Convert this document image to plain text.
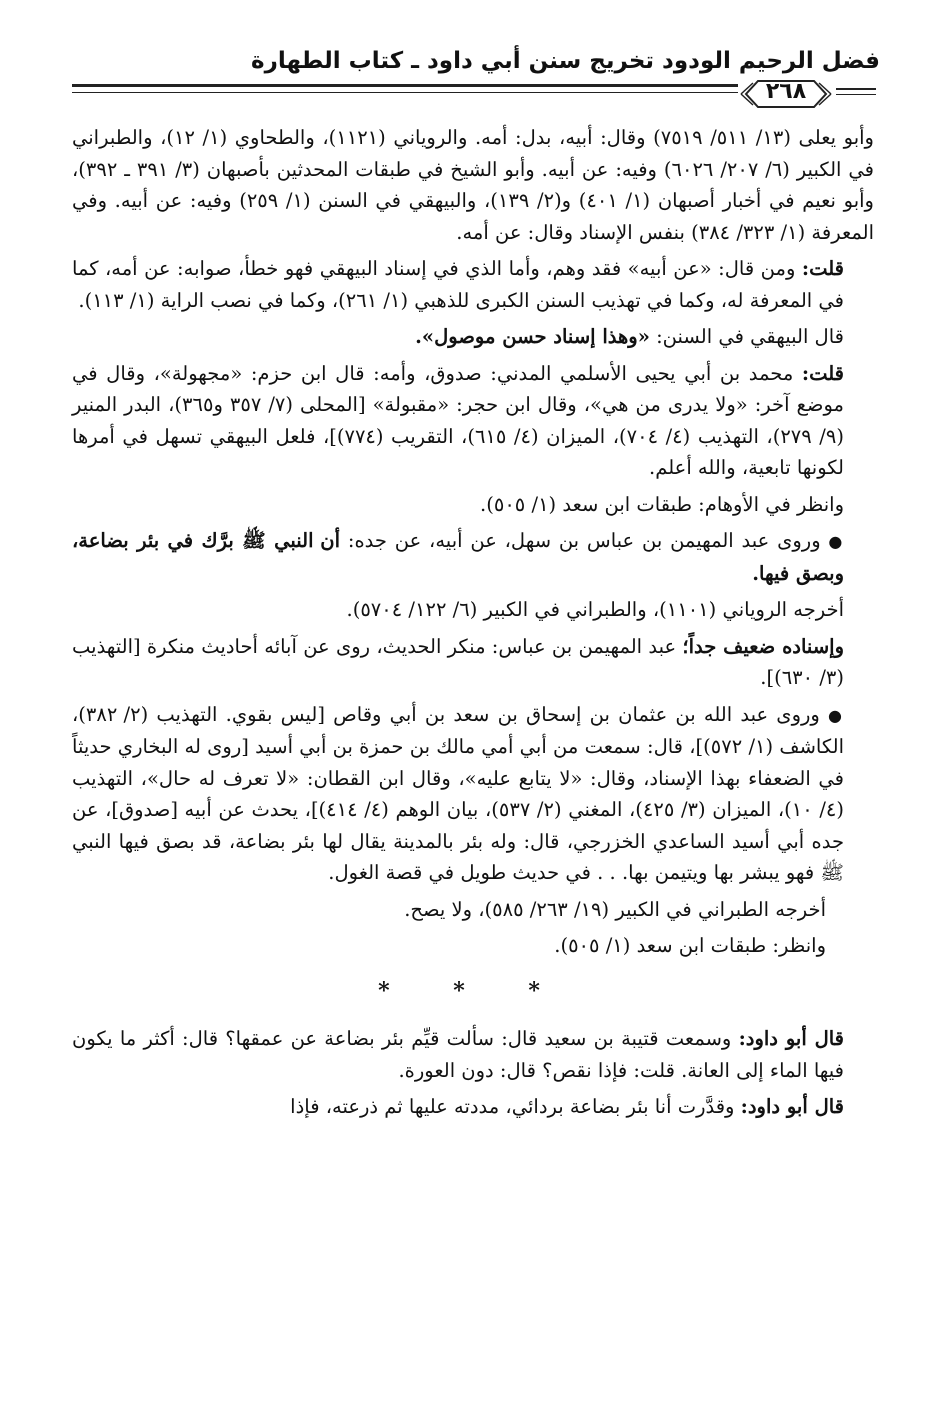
فضل الرحيم الودود تخريج سنن أبي داود ـ كتاب الطهارة
٢٦٨

وأبو يعلى (١٣/ ٥١١/ ٧٥١٩) وقال: أبيه، بدل: أمه. والروياني (١١٢١)، والطحاوي (١/ ١٢)، والطبراني في الكبير (٦/ ٢٠٧/ ٦٠٢٦) وفيه: عن أبيه. وأبو الشيخ في طبقات المحدثين بأصبهان (٣/ ٣٩١ ـ ٣٩٢)، وأبو نعيم في أخبار أصبهان (١/ ٤٠١) و(٢/ ١٣٩)، والبيهقي في السنن (١/ ٢٥٩) وفيه: عن أبيه. وفي المعرفة (١/ ٣٢٣/ ٣٨٤) بنفس الإسناد وقال: عن أمه.

قلت: ومن قال: «عن أبيه» فقد وهم، وأما الذي في إسناد البيهقي فهو خطأ، صوابه: عن أمه، كما في المعرفة له، وكما في تهذيب السنن الكبرى للذهبي (١/ ٢٦١)، وكما في نصب الراية (١/ ١١٣).

قال البيهقي في السنن: «وهذا إسناد حسن موصول».

قلت: محمد بن أبي يحيى الأسلمي المدني: صدوق، وأمه: قال ابن حزم: «مجهولة»، وقال في موضع آخر: «ولا يدرى من هي»، وقال ابن حجر: «مقبولة» [المحلى (٧/ ٣٥٧ و٣٦٥)، البدر المنير (٩/ ٢٧٩)، التهذيب (٤/ ٧٠٤)، الميزان (٤/ ٦١٥)، التقريب (٧٧٤)]، فلعل البيهقي تسهل في أمرها لكونها تابعية، والله أعلم.

وانظر في الأوهام: طبقات ابن سعد (١/ ٥٠٥).

● وروى عبد المهيمن بن عباس بن سهل، عن أبيه، عن جده: أن النبي ﷺ برَّك في بئر بضاعة، وبصق فيها.

أخرجه الروياني (١١٠١)، والطبراني في الكبير (٦/ ١٢٢/ ٥٧٠٤).

وإسناده ضعيف جداً؛ عبد المهيمن بن عباس: منكر الحديث، روى عن آبائه أحاديث منكرة [التهذيب (٣/ ٦٣٠)].

● وروى عبد الله بن عثمان بن إسحاق بن سعد بن أبي وقاص [ليس بقوي. التهذيب (٢/ ٣٨٢)، الكاشف (١/ ٥٧٢)]، قال: سمعت من أبي أمي مالك بن حمزة بن أبي أسيد [روى له البخاري حديثاً في الضعفاء بهذا الإسناد، وقال: «لا يتابع عليه»، وقال ابن القطان: «لا تعرف له حال»، التهذيب (٤/ ١٠)، الميزان (٣/ ٤٢٥)، المغني (٢/ ٥٣٧)، بيان الوهم (٤/ ٤١٤)]، يحدث عن أبيه [صدوق]، عن جده أبي أسيد الساعدي الخزرجي، قال: وله بئر بالمدينة يقال لها بئر بضاعة، قد بصق فيها النبي ﷺ فهو يبشر بها ويتيمن بها. . . في حديث طويل في قصة الغول.

أخرجه الطبراني في الكبير (١٩/ ٢٦٣/ ٥٨٥)، ولا يصح.

وانظر: طبقات ابن سعد (١/ ٥٠٥).

* * *

قال أبو داود: وسمعت قتيبة بن سعيد قال: سألت قيِّم بئر بضاعة عن عمقها؟ قال: أكثر ما يكون فيها الماء إلى العانة. قلت: فإذا نقص؟ قال: دون العورة.

قال أبو داود: وقدَّرت أنا بئر بضاعة بردائي، مددته عليها ثم ذرعته، فإذا
